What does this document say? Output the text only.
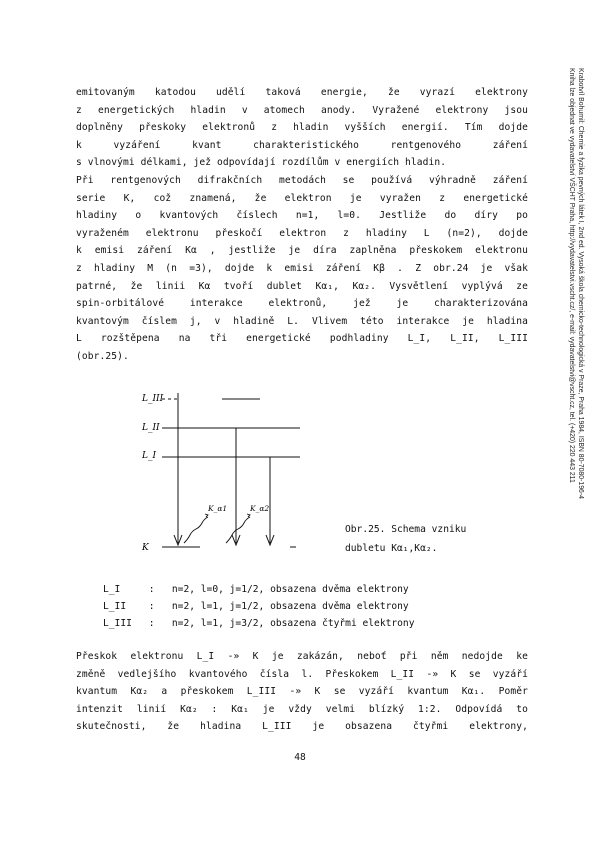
Krabotvíl Bohumil: Chemie a fyzika pevných látek I, 2nd ed. Vysoká škola chemicko-technologická v Praze, Praha 1984, ISBN 80-7080-196-4
Kniha lze objednat ve vydavatelství VŠCHT Praha, http://vydavatelstvi.vscht.cz/, e-mail: vydavatelstvi@vscht.cz, tel. (+420) 220 443 211
emitovaným katodou udělí taková energie, že vyrazí elektrony
z energetických hladin v atomech anody. Vyražené elektrony jsou
doplněny přeskoky elektronů z hladin vyšších energií. Tím dojde
k vyzáření kvant charakteristického rentgenového záření
s vlnovými délkami, jež odpovídají rozdílům v energiích hladin.
Při rentgenových difrakčních metodách se používá výhradně záření
serie K, což znamená, že elektron je vyražen z energetické
hladiny o kvantových číslech n=1, l=0. Jestliže do díry po
vyraženém elektronu přeskočí elektron z hladiny L (n=2), dojde
k emisi záření Kα , jestliže je díra zaplněna přeskokem elektronu
z hladiny M (n =3), dojde k emisi záření Kβ . Z obr.24 je však
patrné, že linii Kα tvoří dublet Kα₁, Kα₂. Vysvětlení vyplývá ze
spin-orbitálové interakce elektronů, jež je charakterizována
kvantovým číslem j, v hladině L. Vlivem této interakce je hladina
L rozštěpena na tři energetické podhladiny L_I, L_II, L_III
(obr.25).
L_III
L_II
L_I
K
K_α1	K_α2
Obr.25. Schema vzniku
dubletu Kα₁,Kα₂.
L_I	: n=2, l=0, j=1/2, obsazena dvěma elektrony
L_II : n=2, l=1, j=1/2, obsazena dvěma elektrony
L_III : n=2, l=1, j=3/2, obsazena čtyřmi elektrony
Přeskok elektronu L_I -» K je zakázán, neboť při něm nedojde ke
změně vedlejšího kvantového čísla l. Přeskokem L_II -» K se vyzáří
kvantum Kα₂ a přeskokem L_III -» K se vyzáří kvantum Kα₁. Poměr
intenzit linií Kα₂ : Kα₁ je vždy velmi blízký 1:2. Odpovídá to
skutečnosti, že hladina L_III je obsazena čtyřmi elektrony,
48
